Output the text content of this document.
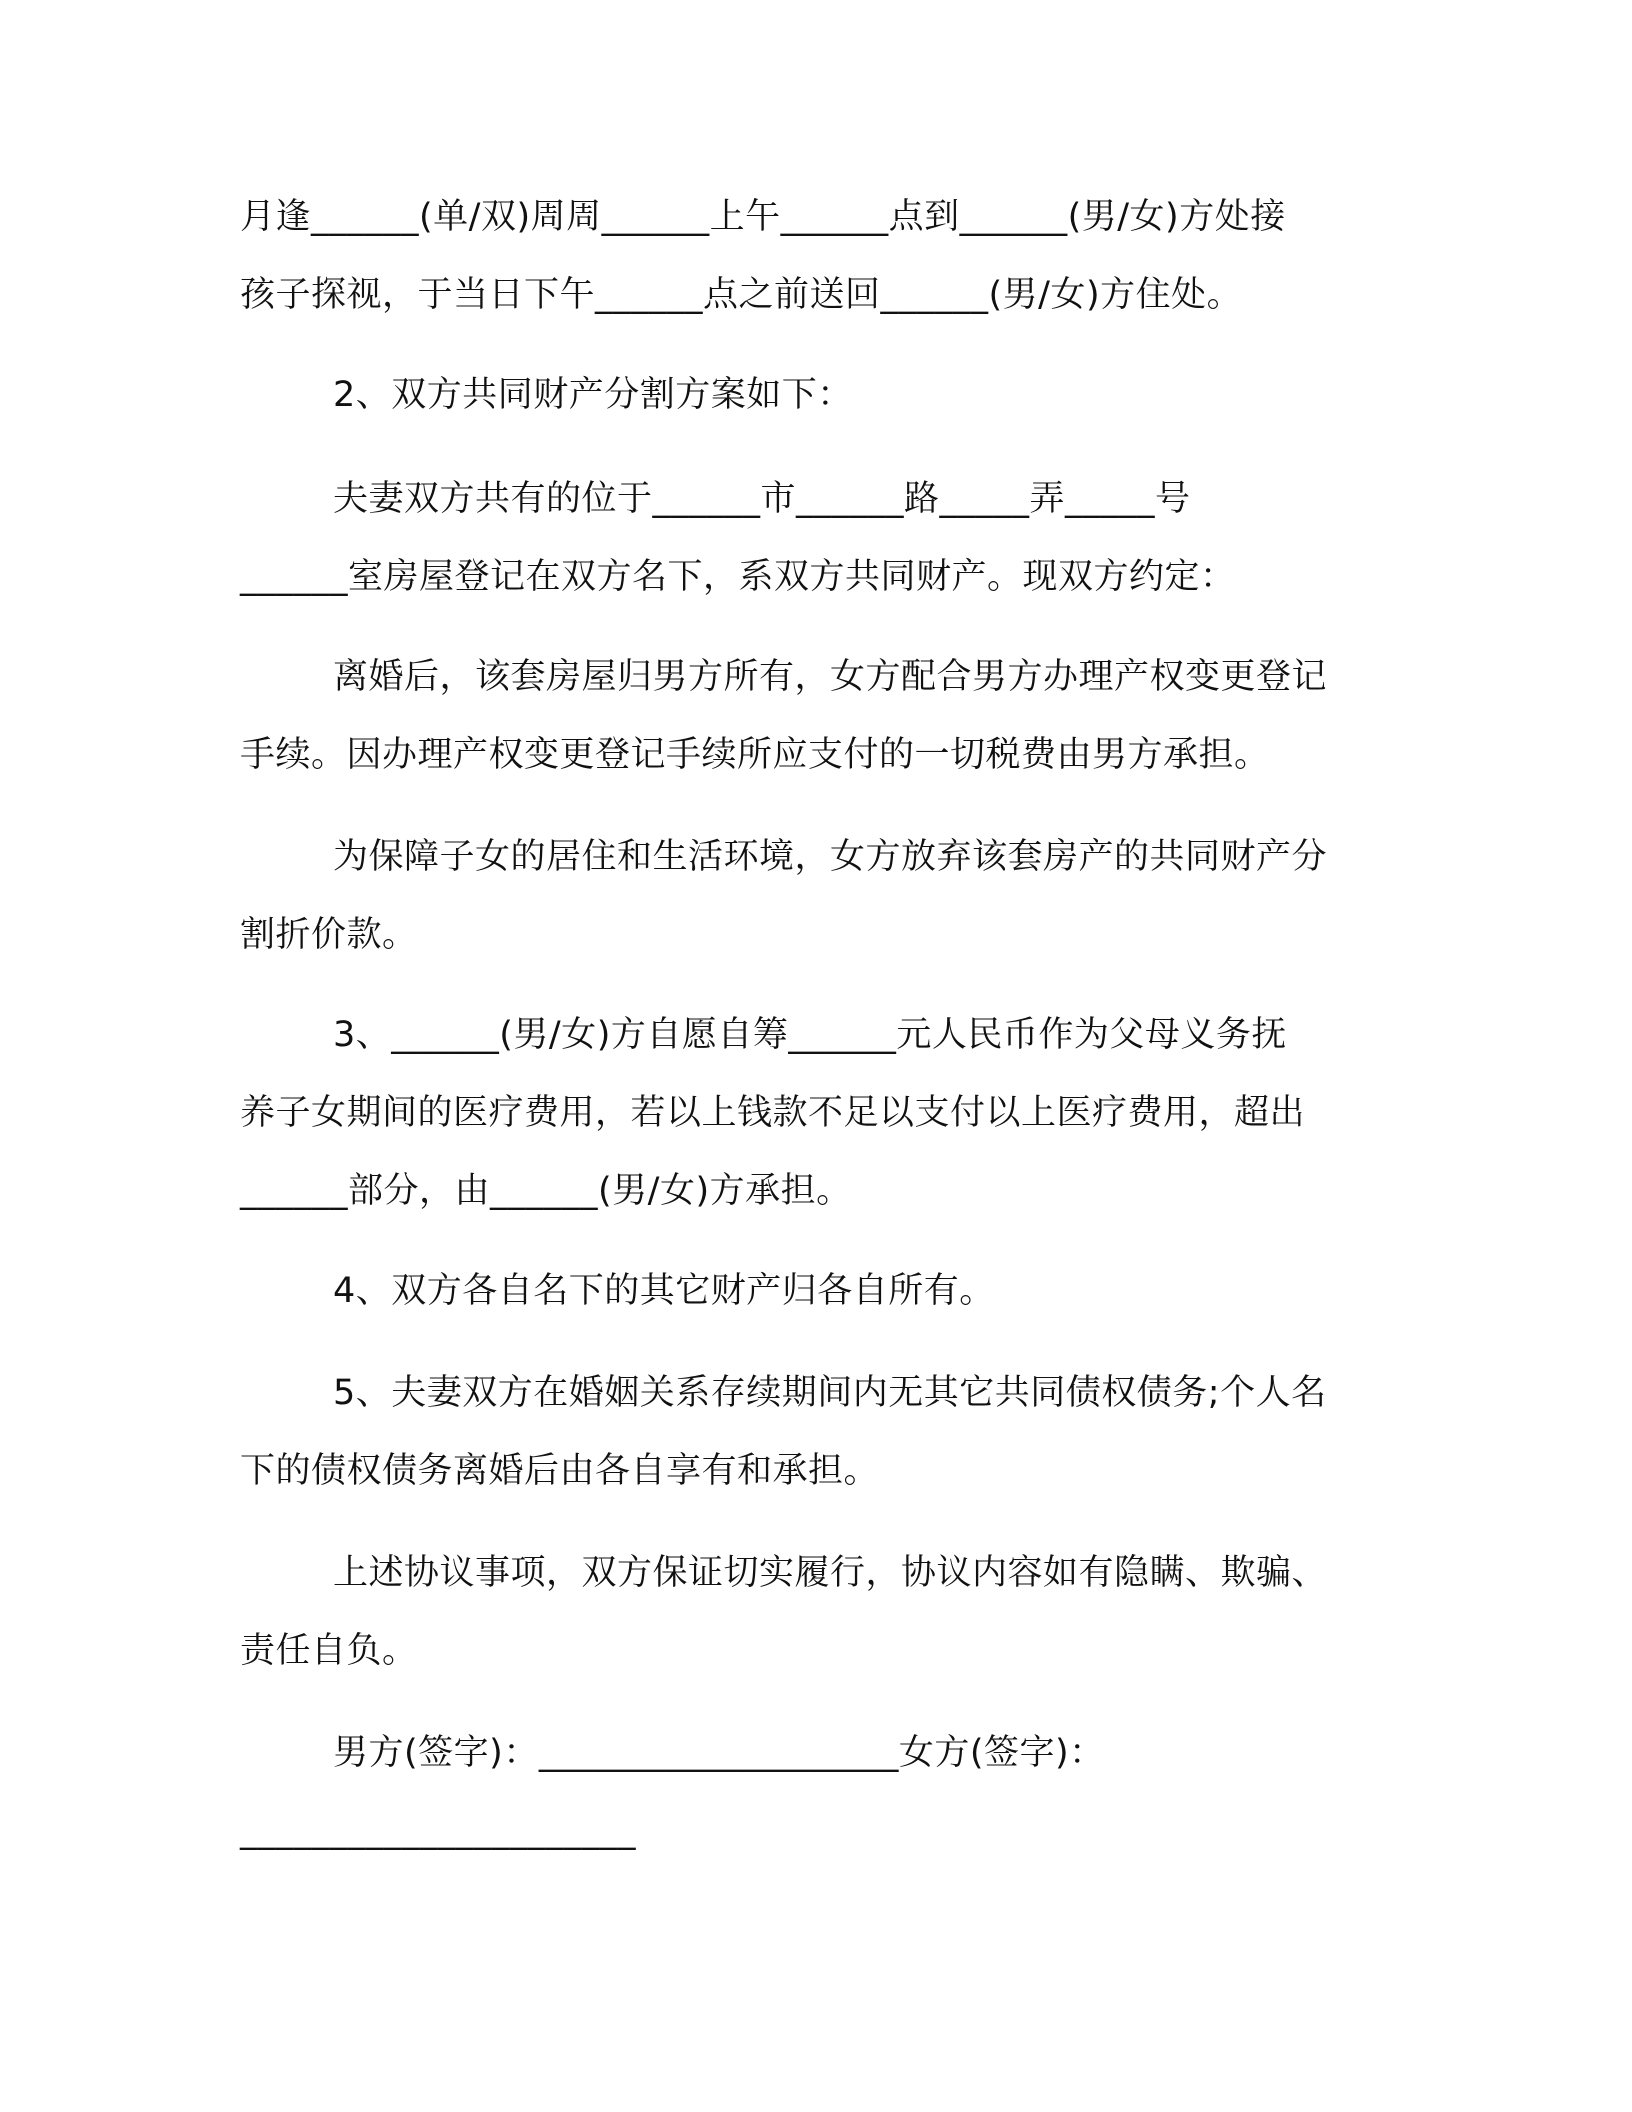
月逢______(单/双)周周______上午______点到______(男/女)方处接

孩子探视，于当日下午______点之前送回______(男/女)方住处。

2、双方共同财产分割方案如下：

夫妻双方共有的位于______市______路_____弄_____号

______室房屋登记在双方名下，系双方共同财产。现双方约定：

离婚后，该套房屋归男方所有，女方配合男方办理产权变更登记

手续。因办理产权变更登记手续所应支付的一切税费由男方承担。

为保障子女的居住和生活环境，女方放弃该套房产的共同财产分

割折价款。

3、______(男/女)方自愿自筹______元人民币作为父母义务抚

养子女期间的医疗费用，若以上钱款不足以支付以上医疗费用，超出

______部分，由______(男/女)方承担。

4、双方各自名下的其它财产归各自所有。

5、夫妻双方在婚姻关系存续期间内无其它共同债权债务;个人名

下的债权债务离婚后由各自享有和承担。

上述协议事项，双方保证切实履行，协议内容如有隐瞒、欺骗、

责任自负。

男方(签字)：____________________女方(签字)：

______________________
